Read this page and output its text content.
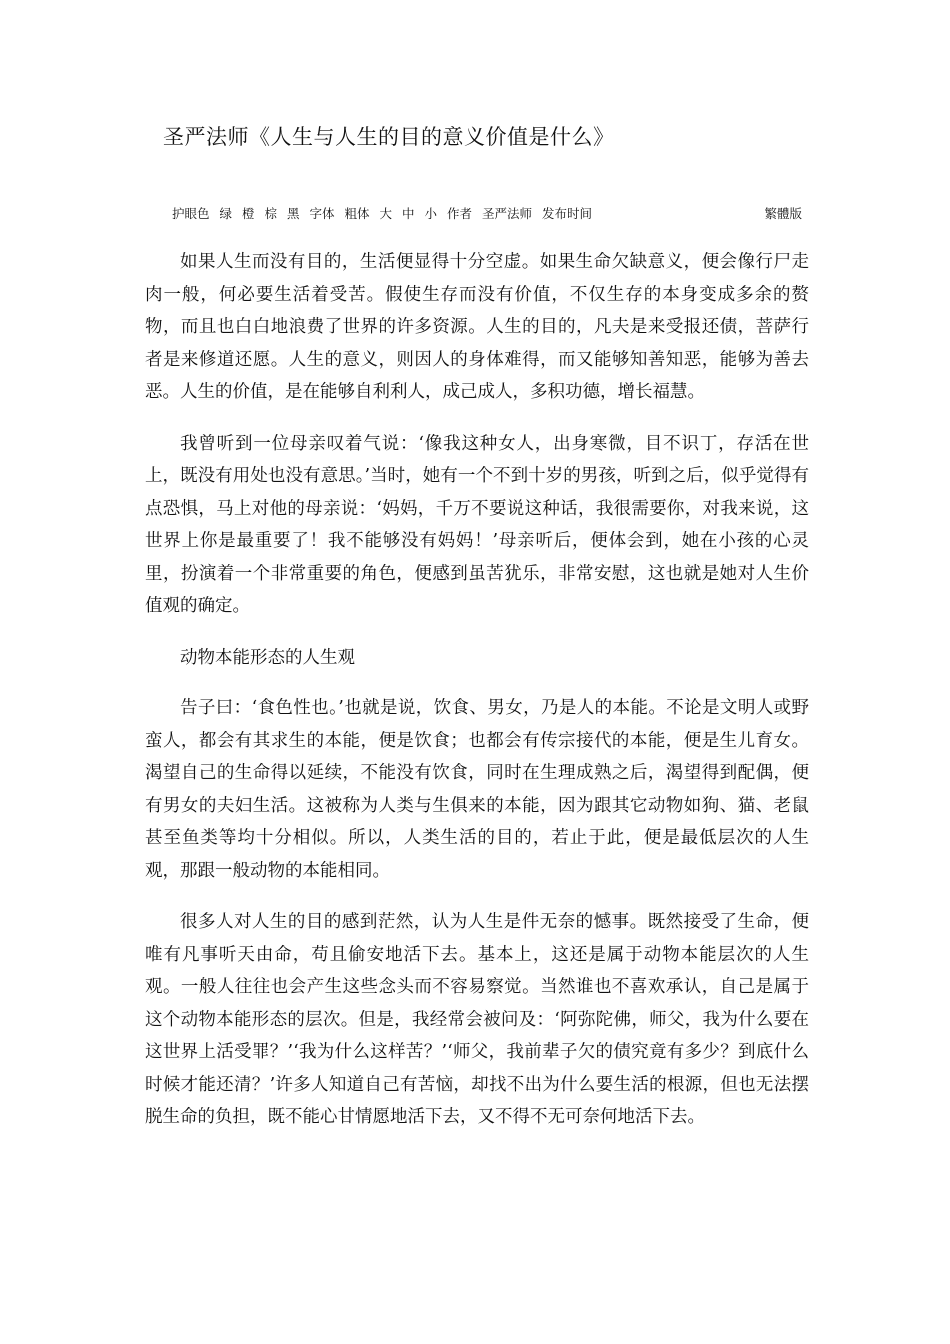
圣严法师《人生与人生的目的意义价值是什么》
护眼色 绿 橙 棕 黑 字体 粗体 大 中 小 作者 圣严法师 发布时间	繁體版

如果人生而没有目的，生活便显得十分空虚。如果生命欠缺意义，便会像行尸走肉一般，何必要生活着受苦。假使生存而没有价值，不仅生存的本身变成多余的赘物，而且也白白地浪费了世界的许多资源。人生的目的，凡夫是来受报还债，菩萨行者是来修道还愿。人生的意义，则因人的身体难得，而又能够知善知恶，能够为善去恶。人生的价值，是在能够自利利人，成己成人，多积功德，增长福慧。

我曾听到一位母亲叹着气说：‘像我这种女人，出身寒微，目不识丁，存活在世上，既没有用处也没有意思。’当时，她有一个不到十岁的男孩，听到之后，似乎觉得有点恐惧，马上对他的母亲说：‘妈妈，千万不要说这种话，我很需要你，对我来说，这世界上你是最重要了！我不能够没有妈妈！’母亲听后，便体会到，她在小孩的心灵里，扮演着一个非常重要的角色，便感到虽苦犹乐，非常安慰，这也就是她对人生价值观的确定。

动物本能形态的人生观

告子曰：‘食色性也。’也就是说，饮食、男女，乃是人的本能。不论是文明人或野蛮人，都会有其求生的本能，便是饮食；也都会有传宗接代的本能，便是生儿育女。渴望自己的生命得以延续，不能没有饮食，同时在生理成熟之后，渴望得到配偶，便有男女的夫妇生活。这被称为人类与生俱来的本能，因为跟其它动物如狗、猫、老鼠甚至鱼类等均十分相似。所以，人类生活的目的，若止于此，便是最低层次的人生观，那跟一般动物的本能相同。

很多人对人生的目的感到茫然，认为人生是件无奈的憾事。既然接受了生命，便唯有凡事听天由命，苟且偷安地活下去。基本上，这还是属于动物本能层次的人生观。一般人往往也会产生这些念头而不容易察觉。当然谁也不喜欢承认，自己是属于这个动物本能形态的层次。但是，我经常会被问及：‘阿弥陀佛，师父，我为什么要在这世界上活受罪？’‘我为什么这样苦？’‘师父，我前辈子欠的债究竟有多少？到底什么时候才能还清？’许多人知道自己有苦恼，却找不出为什么要生活的根源，但也无法摆脱生命的负担，既不能心甘情愿地活下去，又不得不无可奈何地活下去。
